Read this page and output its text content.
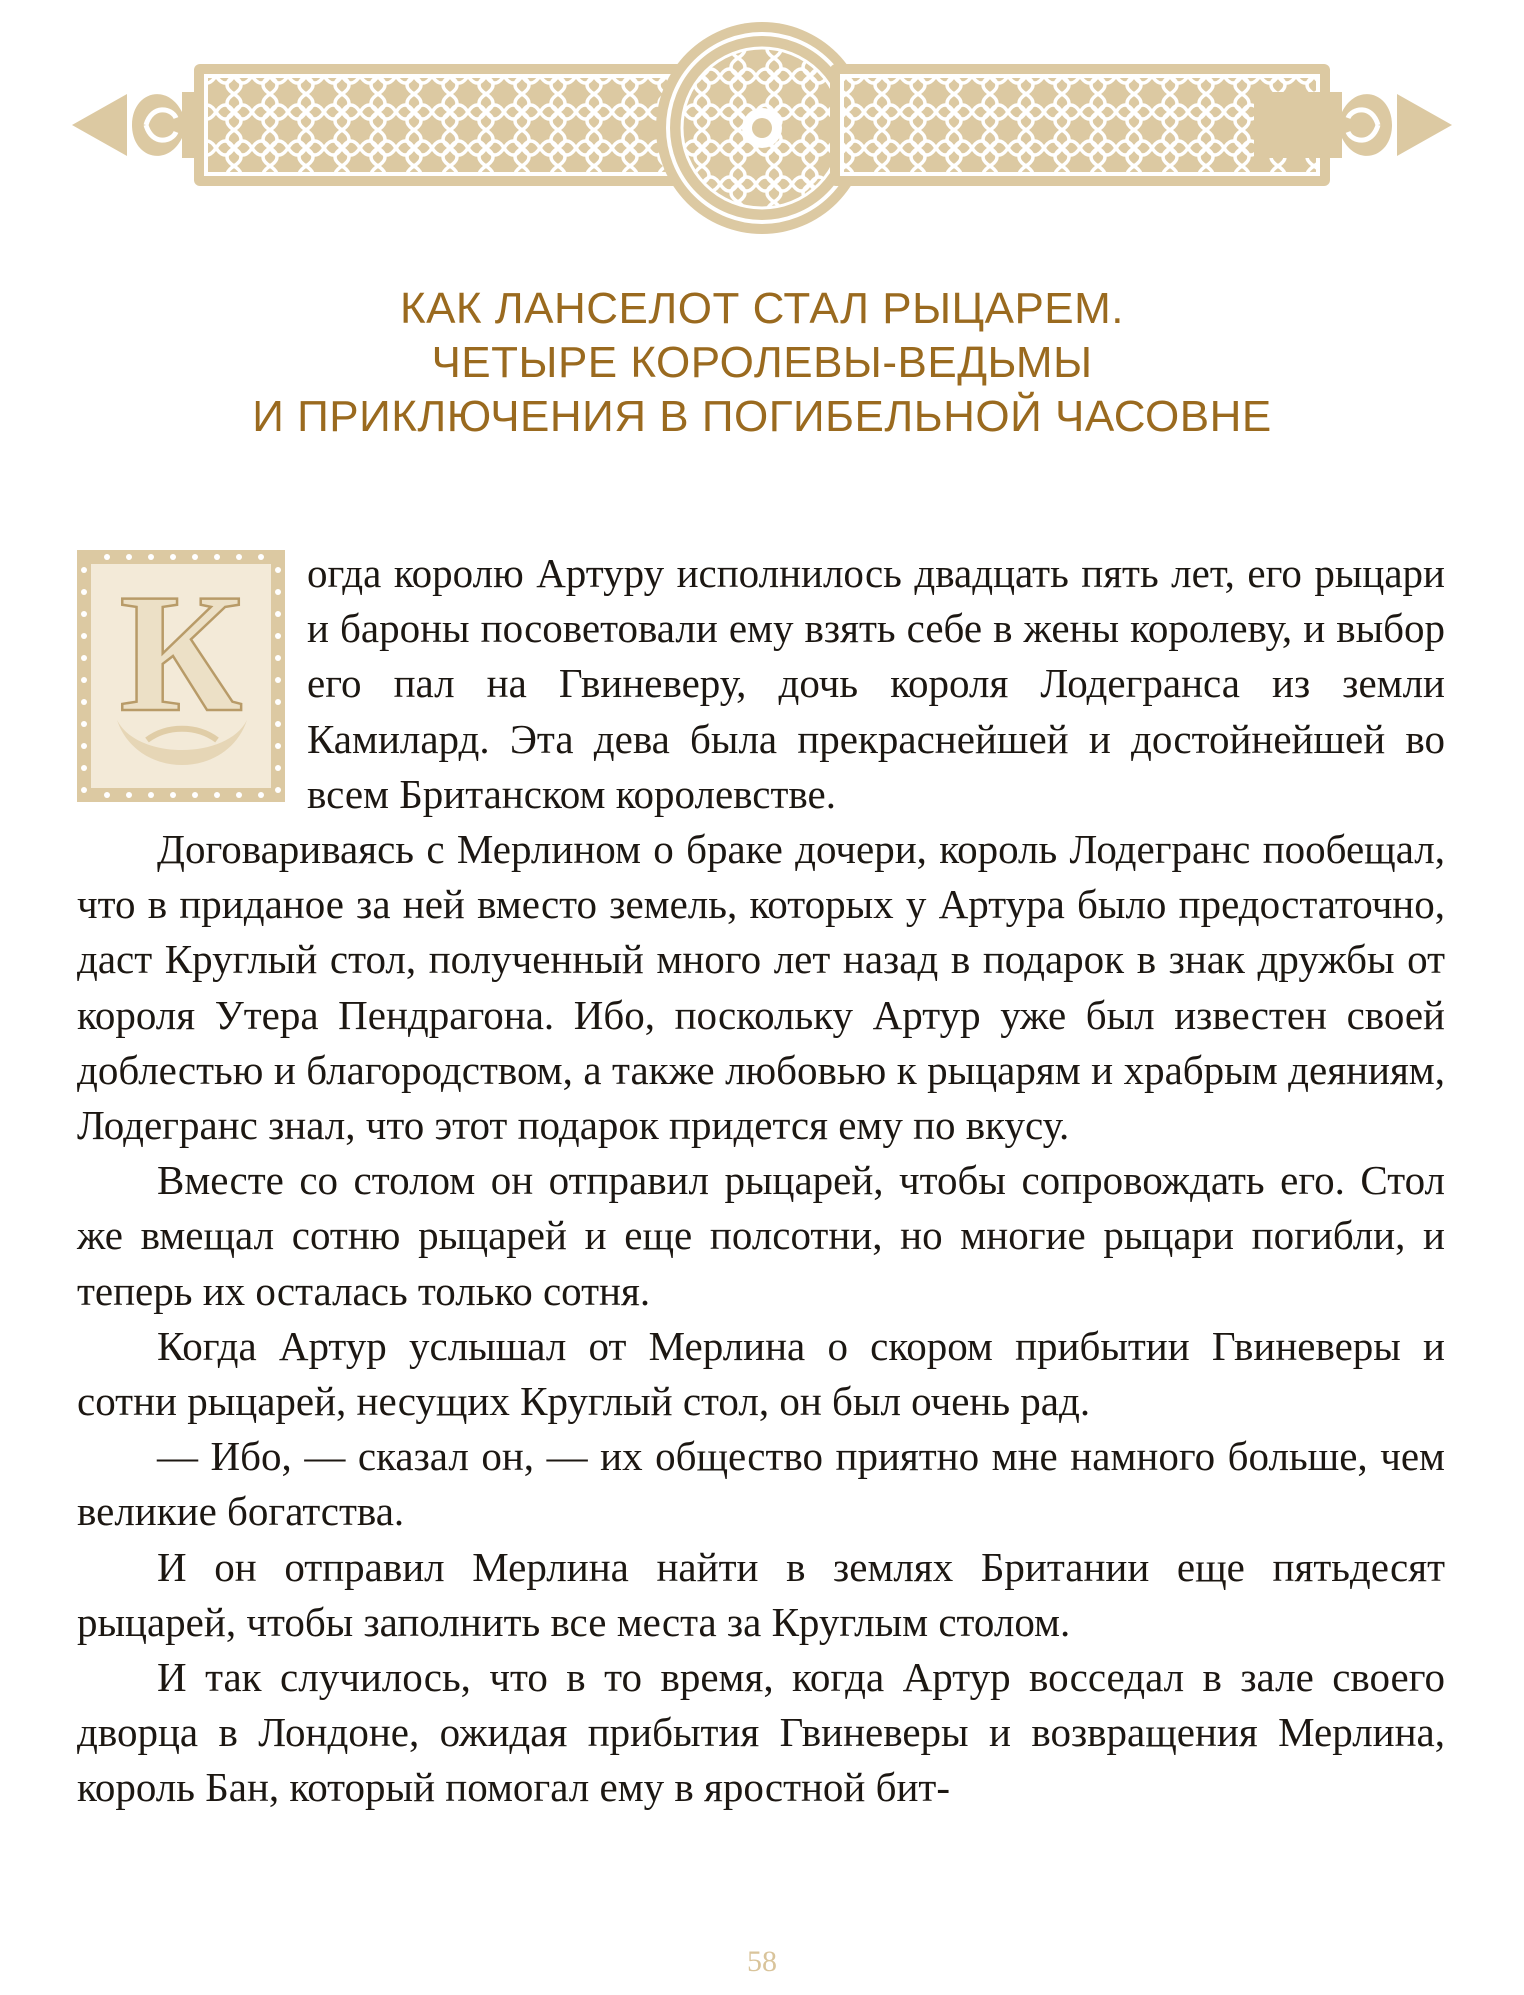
КАК ЛАНСЕЛОТ СТАЛ РЫЦАРЕМ.
ЧЕТЫРЕ КОРОЛЕВЫ-ВЕДЬМЫ
И ПРИКЛЮЧЕНИЯ В ПОГИБЕЛЬНОЙ ЧАСОВНЕ
К	огда королю Артуру исполнилось двадцать пять лет, его рыцари и бароны посоветовали ему взять себе в жены королеву, и выбор его пал на Гвиневеру, дочь короля Лодегранса из земли Камилард. Эта дева была прекраснейшей и достойнейшей во всем Британском королевстве.

Договариваясь с Мерлином о браке дочери, король Лодегранс пообещал, что в приданое за ней вместо земель, которых у Артура было предостаточно, даст Круглый стол, полученный много лет назад в подарок в знак дружбы от короля Утера Пендрагона. Ибо, поскольку Артур уже был известен своей доблестью и благородством, а также любовью к рыцарям и храбрым деяниям, Лодегранс знал, что этот подарок придется ему по вкусу.

Вместе со столом он отправил рыцарей, чтобы сопровождать его. Стол же вмещал сотню рыцарей и еще полсотни, но многие рыцари погибли, и теперь их осталась только сотня.

Когда Артур услышал от Мерлина о скором прибытии Гвиневеры и сотни рыцарей, несущих Круглый стол, он был очень рад.

— Ибо, — сказал он, — их общество приятно мне намного больше, чем великие богатства.

И он отправил Мерлина найти в землях Британии еще пятьдесят рыцарей, чтобы заполнить все места за Круглым столом.

И так случилось, что в то время, когда Артур восседал в зале своего дворца в Лондоне, ожидая прибытия Гвиневеры и возвращения Мерлина, король Бан, который помогал ему в яростной бит-

58
